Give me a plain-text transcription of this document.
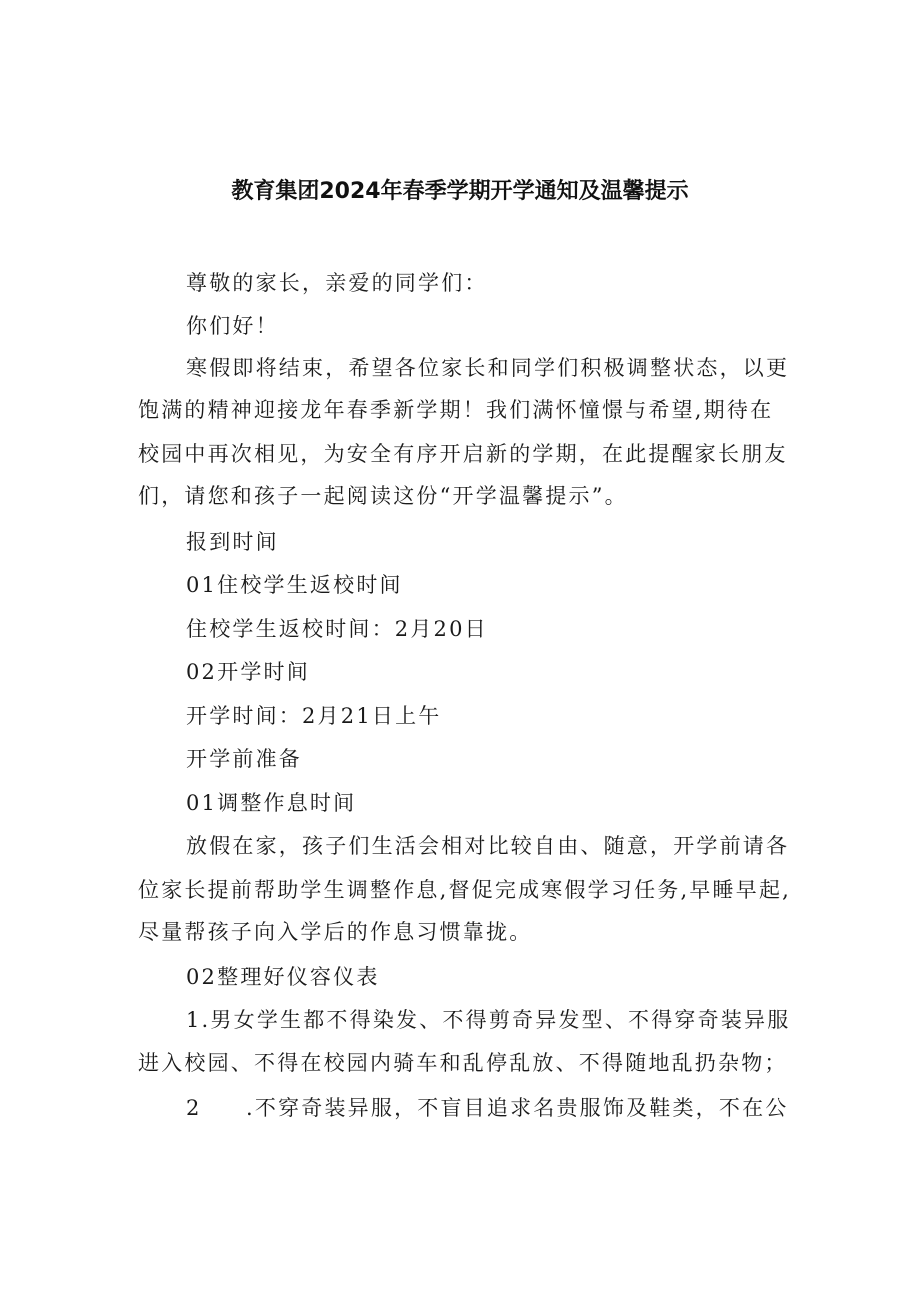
教育集团2024年春季学期开学通知及温馨提示
尊敬的家长，亲爱的同学们：
你们好！
寒假即将结束，希望各位家长和同学们积极调整状态，以更
饱满的精神迎接龙年春季新学期！我们满怀憧憬与希望,期待在
校园中再次相见，为安全有序开启新的学期，在此提醒家长朋友
们，请您和孩子一起阅读这份“开学温馨提示”。
报到时间
01住校学生返校时间
住校学生返校时间：2月20日
02开学时间
开学时间：2月21日上午
开学前准备
01调整作息时间
放假在家，孩子们生活会相对比较自由、随意，开学前请各
位家长提前帮助学生调整作息,督促完成寒假学习任务,早睡早起,
尽量帮孩子向入学后的作息习惯靠拢。
02整理好仪容仪表
1.男女学生都不得染发、不得剪奇异发型、不得穿奇装异服
进入校园、不得在校园内骑车和乱停乱放、不得随地乱扔杂物；
2 .不穿奇装异服，不盲目追求名贵服饰及鞋类，不在公
